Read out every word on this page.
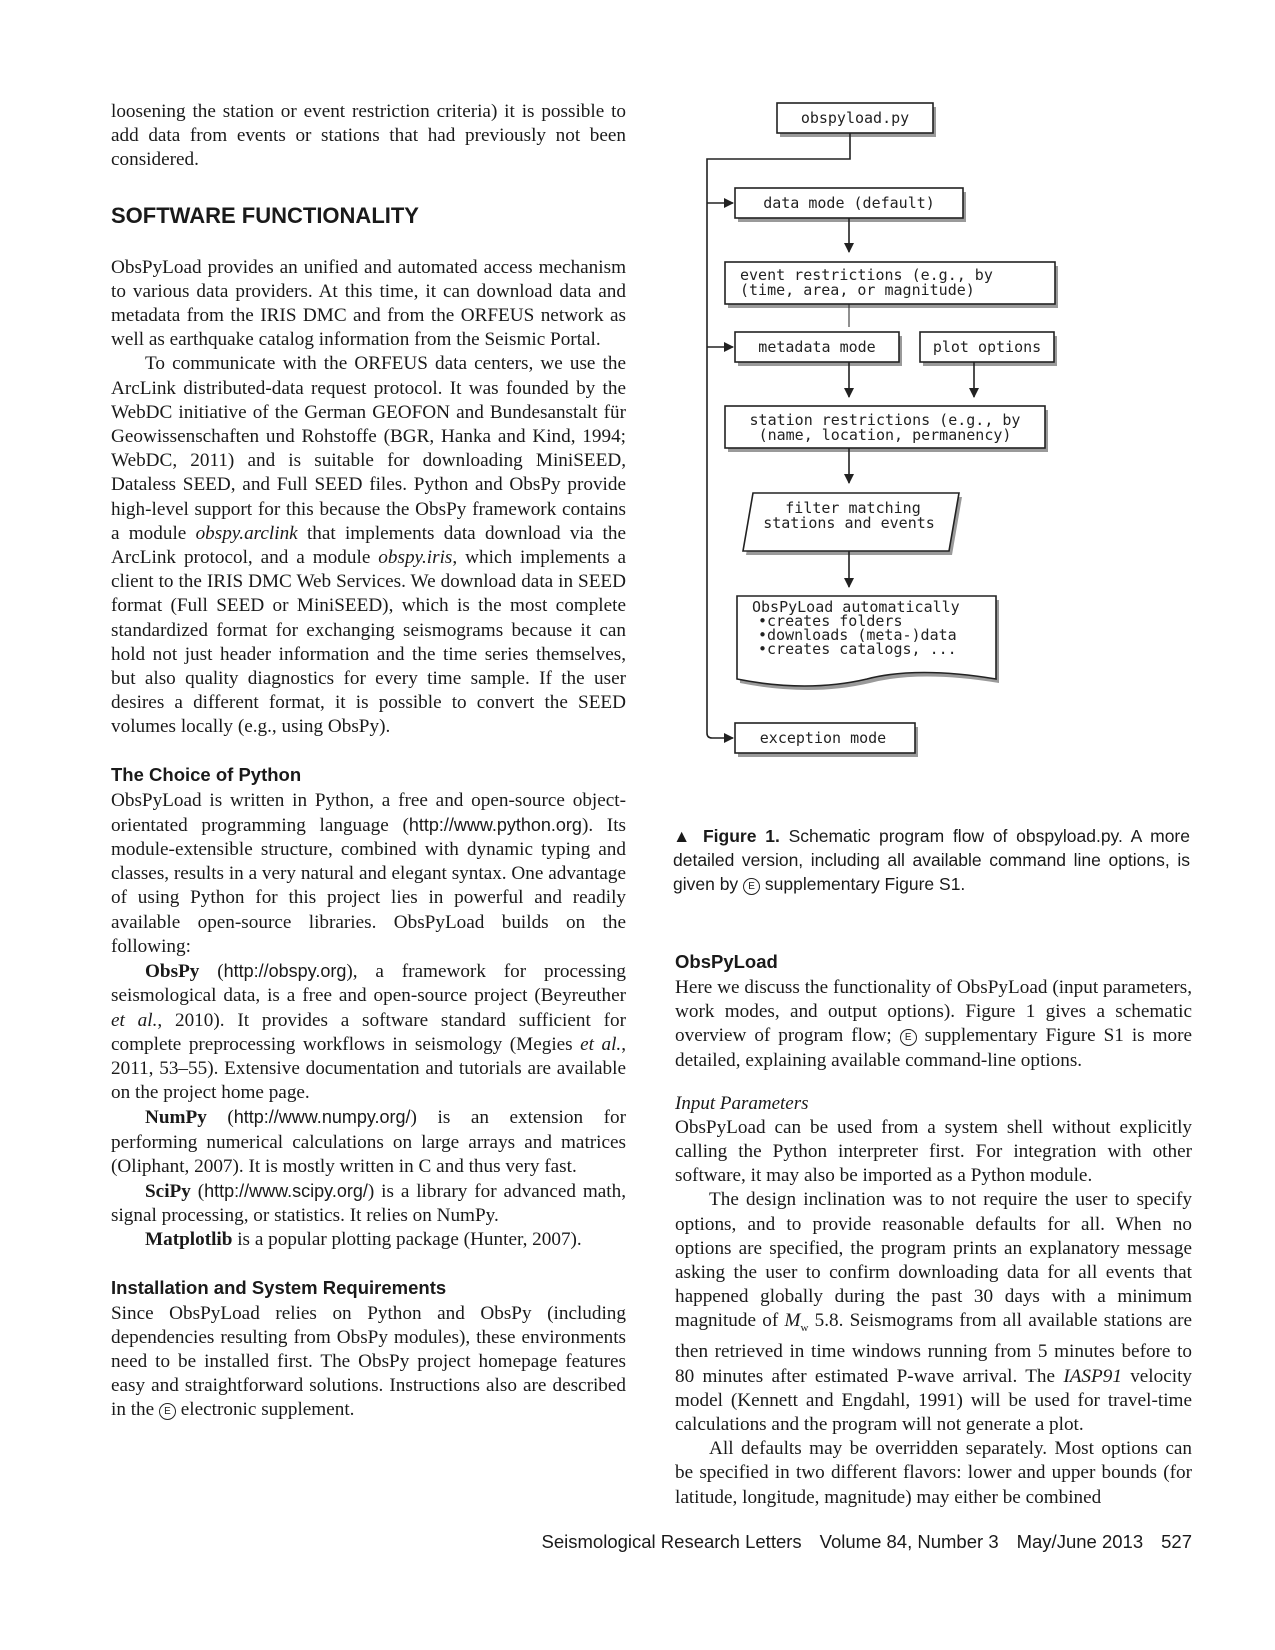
loosening the station or event restriction criteria) it is possible to add data from events or stations that had previously not been considered.

SOFTWARE FUNCTIONALITY

ObsPyLoad provides an unified and automated access mechanism to various data providers. At this time, it can download data and metadata from the IRIS DMC and from the ORFEUS network as well as earthquake catalog information from the Seismic Portal.

To communicate with the ORFEUS data centers, we use the ArcLink distributed-data request protocol. It was founded by the WebDC initiative of the German GEOFON and Bundesanstalt für Geowissenschaften und Rohstoffe (BGR, Hanka and Kind, 1994; WebDC, 2011) and is suitable for downloading MiniSEED, Dataless SEED, and Full SEED files. Python and ObsPy provide high-level support for this because the ObsPy framework contains a module obspy.arclink that implements data download via the ArcLink protocol, and a module obspy.iris, which implements a client to the IRIS DMC Web Services. We download data in SEED format (Full SEED or MiniSEED), which is the most complete standardized format for exchanging seismograms because it can hold not just header information and the time series themselves, but also quality diagnostics for every time sample. If the user desires a different format, it is possible to convert the SEED volumes locally (e.g., using ObsPy).

The Choice of Python

ObsPyLoad is written in Python, a free and open-source object-orientated programming language (http://www.python.org). Its module-extensible structure, combined with dynamic typing and classes, results in a very natural and elegant syntax. One advantage of using Python for this project lies in powerful and readily available open-source libraries. ObsPyLoad builds on the following:

ObsPy (http://obspy.org), a framework for processing seismological data, is a free and open-source project (Beyreuther et al., 2010). It provides a software standard sufficient for complete preprocessing workflows in seismology (Megies et al., 2011, 53–55). Extensive documentation and tutorials are available on the project home page.

NumPy (http://www.numpy.org/) is an extension for performing numerical calculations on large arrays and matrices (Oliphant, 2007). It is mostly written in C and thus very fast.

SciPy (http://www.scipy.org/) is a library for advanced math, signal processing, or statistics. It relies on NumPy.

Matplotlib is a popular plotting package (Hunter, 2007).

Installation and System Requirements

Since ObsPyLoad relies on Python and ObsPy (including dependencies resulting from ObsPy modules), these environments need to be installed first. The ObsPy project homepage features easy and straightforward solutions. Instructions also are described in the E electronic supplement.

obspyload.py
data mode (default)
event restrictions (e.g., by
(time, area, or magnitude)
metadata mode	plot options
station restrictions (e.g., by
(name, location, permanency)
filter matching
stations and events
ObsPyLoad automatically
•creates folders
•downloads (meta-)data
•creates catalogs, ...
exception mode
▲ Figure 1. Schematic program flow of obspyload.py. A more detailed version, including all available command line options, is given by E supplementary Figure S1.
ObsPyLoad

Here we discuss the functionality of ObsPyLoad (input parameters, work modes, and output options). Figure 1 gives a schematic overview of program flow; E supplementary Figure S1 is more detailed, explaining available command-line options.

Input Parameters

ObsPyLoad can be used from a system shell without explicitly calling the Python interpreter first. For integration with other software, it may also be imported as a Python module.

The design inclination was to not require the user to specify options, and to provide reasonable defaults for all. When no options are specified, the program prints an explanatory message asking the user to confirm downloading data for all events that happened globally during the past 30 days with a minimum magnitude of $M_w$ 5.8. Seismograms from all available stations are then retrieved in time windows running from 5 minutes before to 80 minutes after estimated P-wave arrival. The IASP91 velocity model (Kennett and Engdahl, 1991) will be used for travel-time calculations and the program will not generate a plot.

All defaults may be overridden separately. Most options can be specified in two different flavors: lower and upper bounds (for latitude, longitude, magnitude) may either be combined

Seismological Research Letters Volume 84, Number 3 May/June 2013 527
